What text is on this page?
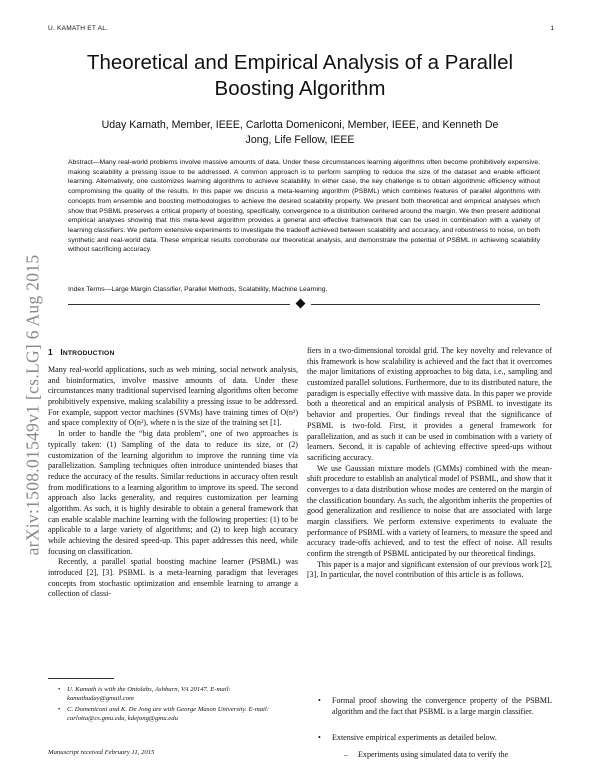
U. KAMATH ET AL.	1
Theoretical and Empirical Analysis of a Parallel Boosting Algorithm
Uday Kamath, Member, IEEE, Carlotta Domeniconi, Member, IEEE, and Kenneth De
Jong, Life Fellow, IEEE
Abstract—Many real-world problems involve massive amounts of data. Under these circumstances learning algorithms often become prohibitively expensive, making scalability a pressing issue to be addressed. A common approach is to perform sampling to reduce the size of the dataset and enable efficient learning. Alternatively, one customizes learning algorithms to achieve scalability. In either case, the key challenge is to obtain algorithmic efficiency without compromising the quality of the results. In this paper we discuss a meta-learning algorithm (PSBML) which combines features of parallel algorithms with concepts from ensemble and boosting methodologies to achieve the desired scalability property. We present both theoretical and empirical analyses which show that PSBML preserves a critical property of boosting, specifically, convergence to a distribution centered around the margin. We then present additional empirical analyses showing that this meta-level algorithm provides a general and effective framework that can be used in combination with a variety of learning classifiers. We perform extensive experiments to investigate the tradeoff achieved between scalability and accuracy, and robustness to noise, on both synthetic and real-world data. These empirical results corroborate our theoretical analysis, and demonstrate the potential of PSBML in achieving scalability without sacrificing accuracy.
Index Terms—Large Margin Classifier, Parallel Methods, Scalability, Machine Learning.
arXiv:1508.01549v1 [cs.LG] 6 Aug 2015 1 INTRODUCTION

Many real-world applications, such as web mining, social network analysis, and bioinformatics, involve massive amounts of data. Under these circumstances many traditional supervised learning algorithms often become prohibitively expensive, making scalability a pressing issue to be addressed. For example, support vector machines (SVMs) have training times of O(n³) and space complexity of O(n²), where n is the size of the training set [1].

In order to handle the “big data problem”, one of two approaches is typically taken: (1) Sampling of the data to reduce its size, or (2) customization of the learning algorithm to improve the running time via parallelization. Sampling techniques often introduce unintended biases that reduce the accuracy of the results. Similar reductions in accuracy often result from modifications to a learning algorithm to improve its speed. The second approach also lacks generality, and requires customization per learning algorithm. As such, it is highly desirable to obtain a general framework that can enable scalable machine learning with the following properties: (1) to be applicable to a large variety of algorithms; and (2) to keep high accuracy while achieving the desired speed-up. This paper addresses this need, while focusing on classification.

Recently, a parallel spatial boosting machine learner (PSBML) was introduced [2], [3]. PSBML is a meta-learning paradigm that leverages concepts from stochastic optimization and ensemble learning to arrange a collection of classi-

fiers in a two-dimensional toroidal grid. The key novelty and relevance of this framework is how scalability is achieved and the fact that it overcomes the major limitations of existing approaches to big data, i.e., sampling and customized parallel solutions. Furthermore, due to its distributed nature, the paradigm is especially effective with massive data. In this paper we provide both a theoretical and an empirical analysis of PSBML to investigate its behavior and properties. Our findings reveal that the significance of PSBML is two-fold. First, it provides a general framework for parallelization, and as such it can be used in combination with a variety of learners. Second, it is capable of achieving effective speed-ups without sacrificing accuracy.

We use Gaussian mixture models (GMMs) combined with the mean-shift procedure to establish an analytical model of PSBML, and show that it converges to a data distribution whose modes are centered on the margin of the classification boundary. As such, the algorithm inherits the properties of good generalization and resilience to noise that are associated with large margin classifiers. We perform extensive experiments to evaluate the performance of PSBML with a variety of learners, to measure the speed and accuracy trade-offs achieved, and to test the effect of noise. All results confirm the strength of PSBML anticipated by our theoretical findings.

This paper is a major and significant extension of our previous work [2], [3]. In particular, the novel contribution of this article is as follows.

• Formal proof showing the convergence property of the PSBML algorithm and the fact that PSBML is a large margin classifier.
• Extensive empirical experiments as detailed below.
– Experiments using simulated data to verify the
• U. Kamath is with the Ontolabs, Ashburn, VA 20147. E-mail: kamathuday@gmail.com
• C. Domeniconi and K. De Jong are with George Mason University. E-mail: carlotta@cs.gmu.edu, kdejong@gmu.edu
Manuscript received February 11, 2015
